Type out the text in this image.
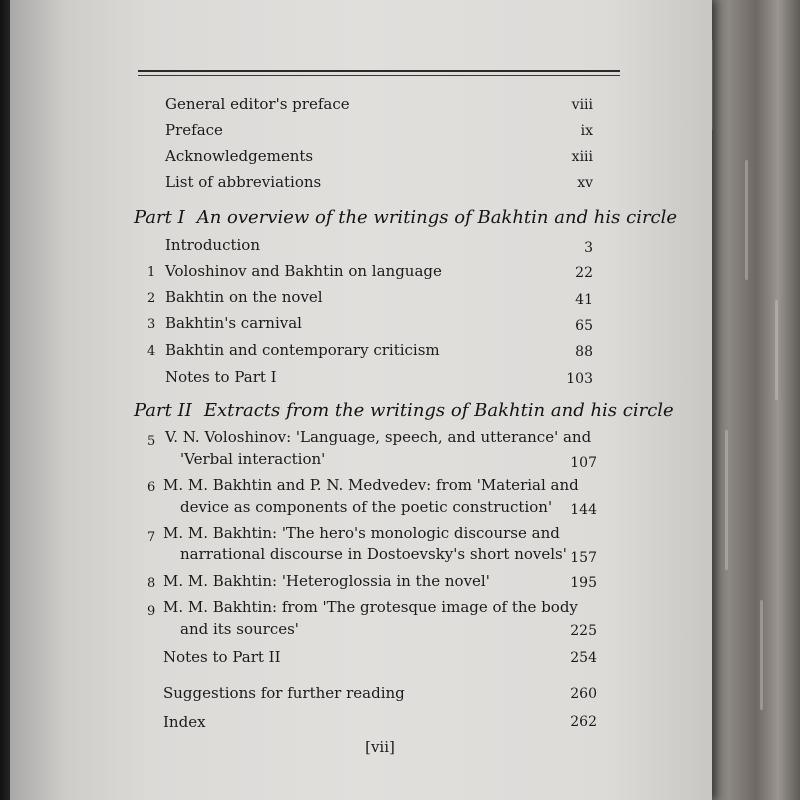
General editor's preface	viii
Preface	ix
Acknowledgements	xiii
List of abbreviations	xv
Part I An overview of the writings of Bakhtin and his circle
Introduction	3
1 Voloshinov and Bakhtin on language	22
2 Bakhtin on the novel	41
3 Bakhtin's carnival	65
4 Bakhtin and contemporary criticism	88
Notes to Part I	103
Part II Extracts from the writings of Bakhtin and his circle
5 V. N. Voloshinov: 'Language, speech, and utterance' and
'Verbal interaction'	107
6 M. M. Bakhtin and P. N. Medvedev: from 'Material and
device as components of the poetic construction'	144
7 M. M. Bakhtin: 'The hero's monologic discourse and
narrational discourse in Dostoevsky's short novels' 157
8 M. M. Bakhtin: 'Heteroglossia in the novel'	195
9 M. M. Bakhtin: from 'The grotesque image of the body
and its sources'	225
Notes to Part II	254
Suggestions for further reading	260
Index	262
[vii]
